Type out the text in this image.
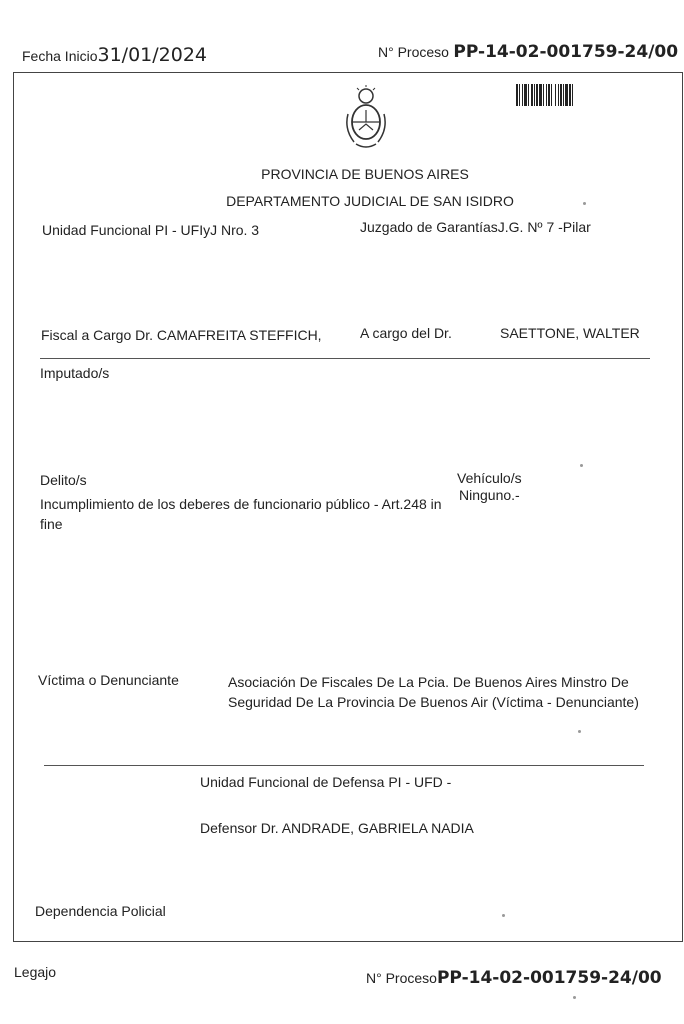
Fecha Inicio31/01/2024	N° Proceso PP-14-02-001759-24/00
PROVINCIA DE BUENOS AIRES
DEPARTAMENTO JUDICIAL DE SAN ISIDRO
Unidad Funcional PI - UFIyJ Nro. 3	Juzgado de GarantíasJ.G. Nº 7 -Pilar
Fiscal a Cargo Dr. CAMAFREITA STEFFICH,	A cargo del Dr.	SAETTONE, WALTER
Imputado/s
Delito/s
Incumplimiento de los deberes de funcionario público - Art.248 in fine
Vehículo/s
Ninguno.-
Víctima o Denunciante	Asociación De Fiscales De La Pcia. De Buenos Aires Minstro De Seguridad De La Provincia De Buenos Air (Víctima - Denunciante)
Unidad Funcional de Defensa PI - UFD -
Defensor Dr. ANDRADE, GABRIELA NADIA
Dependencia Policial
Legajo	N° ProcesoPP-14-02-001759-24/00
